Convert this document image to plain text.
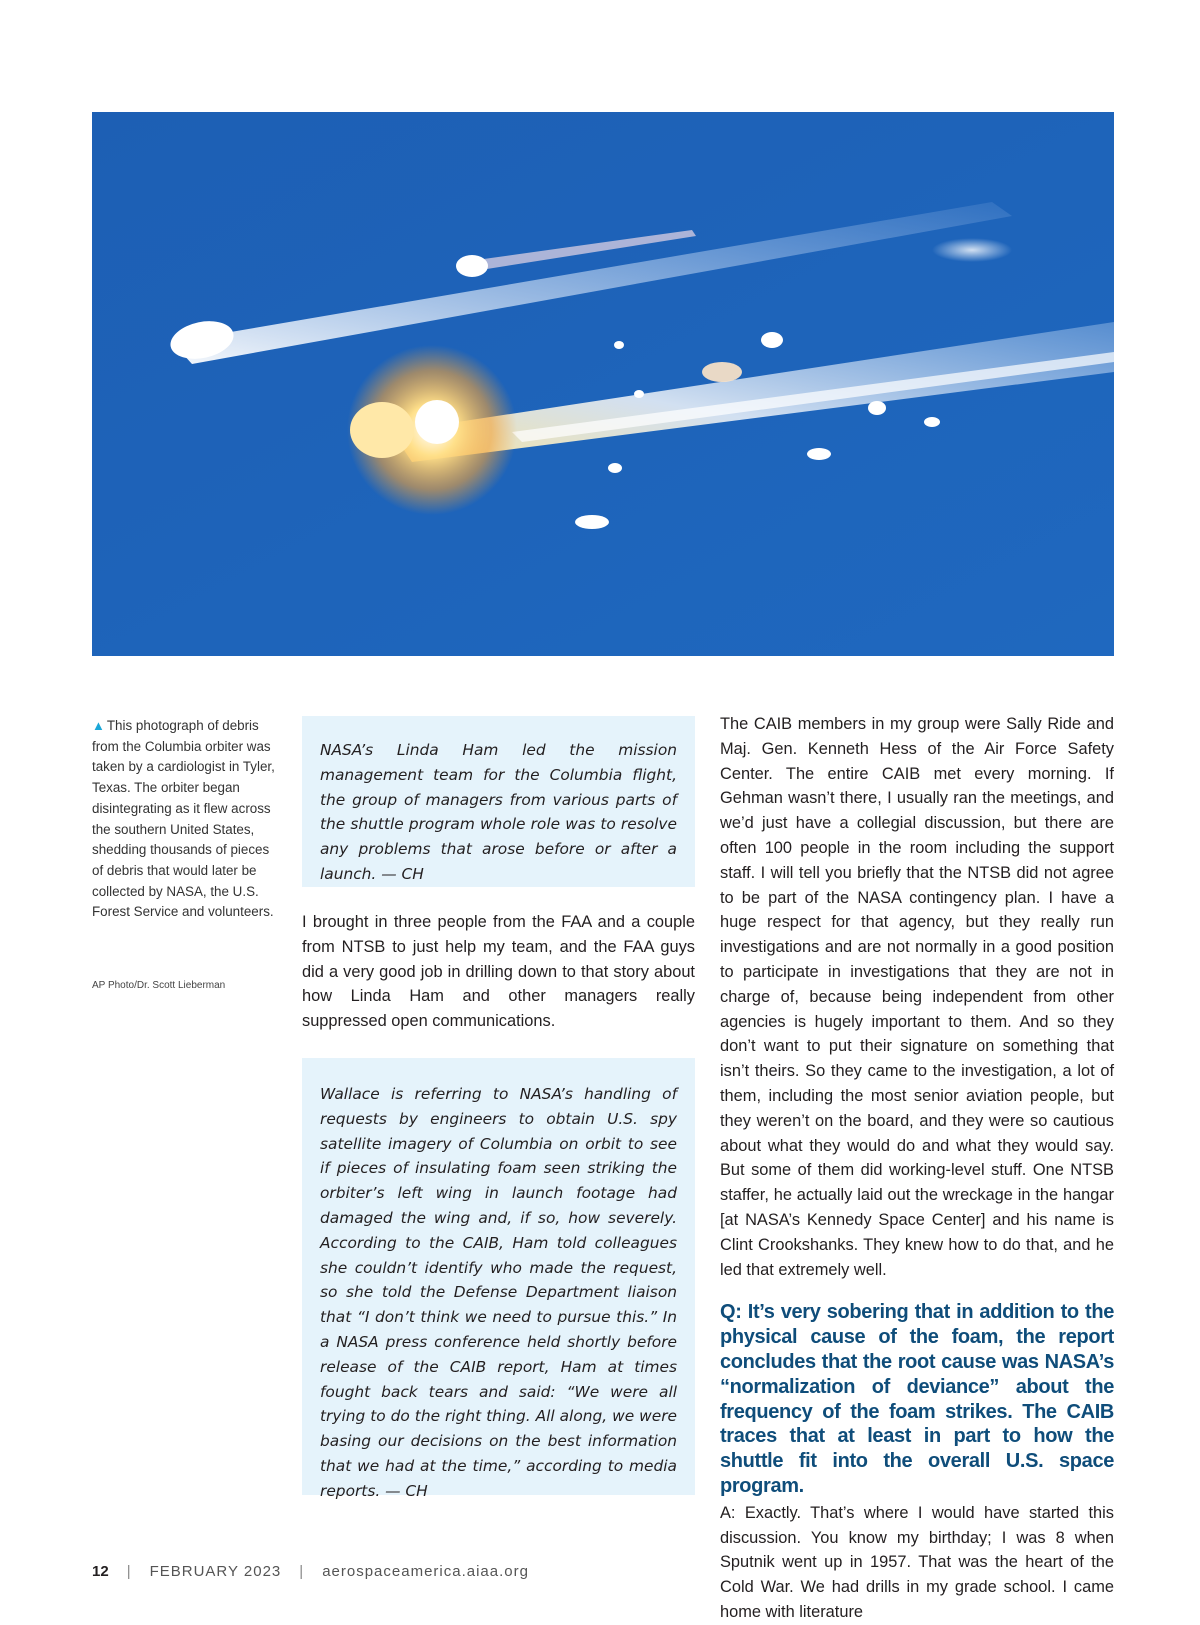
▲ This photograph of debris from the Columbia orbiter was taken by a cardiologist in Tyler, Texas. The orbiter began disintegrating as it flew across the southern United States, shedding thousands of pieces of debris that would later be collected by NASA, the U.S. Forest Service and volunteers.
AP Photo/Dr. Scott Lieberman

NASA’s Linda Ham led the mission management team for the Columbia flight, the group of managers from various parts of the shuttle program whole role was to resolve any problems that arose before or after a launch. — CH

I brought in three people from the FAA and a couple from NTSB to just help my team, and the FAA guys did a very good job in drilling down to that story about how Linda Ham and other managers really suppressed open communications.

Wallace is referring to NASA’s handling of requests by engineers to obtain U.S. spy satellite imagery of Columbia on orbit to see if pieces of insulating foam seen striking the orbiter’s left wing in launch footage had damaged the wing and, if so, how severely. According to the CAIB, Ham told colleagues she couldn’t identify who made the request, so she told the Defense Department liaison that “I don’t think we need to pursue this.” In a NASA press conference held shortly before release of the CAIB report, Ham at times fought back tears and said: “We were all trying to do the right thing. All along, we were basing our decisions on the best information that we had at the time,” according to media reports. — CH

The CAIB members in my group were Sally Ride and Maj. Gen. Kenneth Hess of the Air Force Safety Center. The entire CAIB met every morning. If Gehman wasn’t there, I usually ran the meetings, and we’d just have a collegial discussion, but there are often 100 people in the room including the support staff. I will tell you briefly that the NTSB did not agree to be part of the NASA contingency plan. I have a huge respect for that agency, but they really run investigations and are not normally in a good position to participate in investigations that they are not in charge of, because being independent from other agencies is hugely important to them. And so they don’t want to put their signature on something that isn’t theirs. So they came to the investigation, a lot of them, including the most senior aviation people, but they weren’t on the board, and they were so cautious about what they would do and what they would say. But some of them did working-level stuff. One NTSB staffer, he actually laid out the wreckage in the hangar [at NASA’s Kennedy Space Center] and his name is Clint Crookshanks. They knew how to do that, and he led that extremely well.

Q: It’s very sobering that in addition to the physical cause of the foam, the report concludes that the root cause was NASA’s “normalization of deviance” about the frequency of the foam strikes. The CAIB traces that at least in part to how the shuttle fit into the overall U.S. space program.

A: Exactly. That’s where I would have started this discussion. You know my birthday; I was 8 when Sputnik went up in 1957. That was the heart of the Cold War. We had drills in my grade school. I came home with literature

12 | FEBRUARY 2023 | aerospaceamerica.aiaa.org
